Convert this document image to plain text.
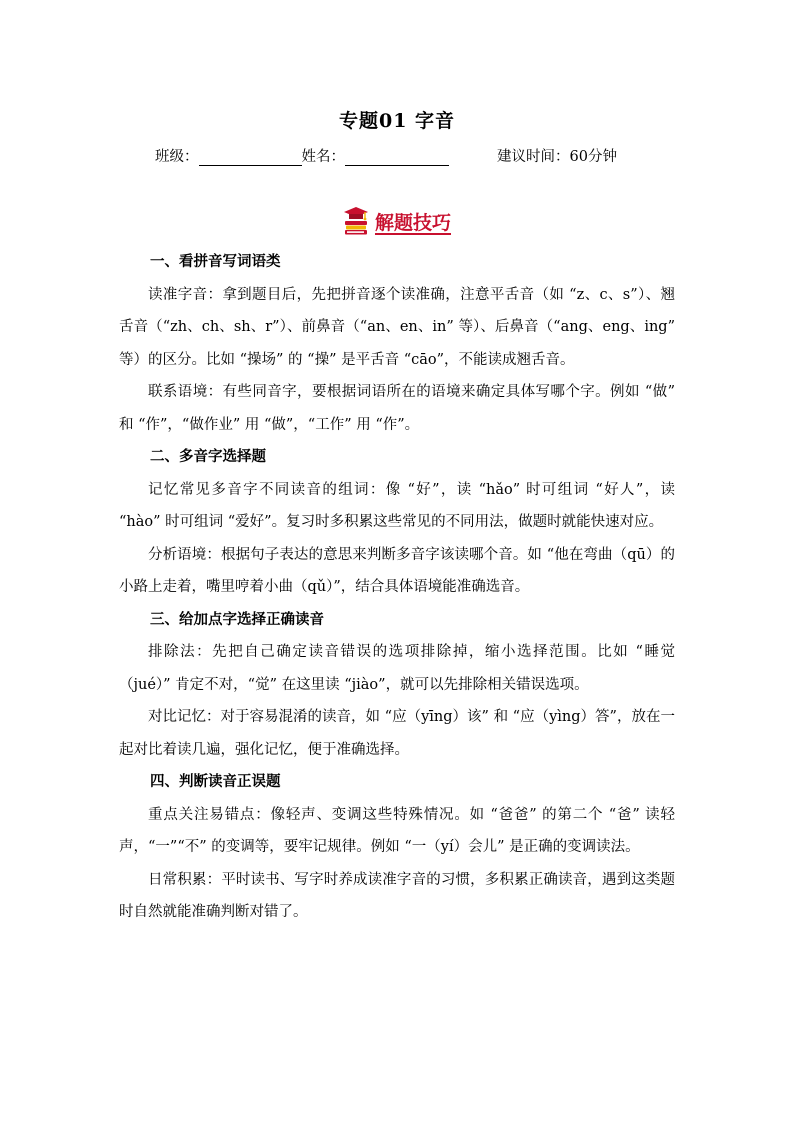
专题01 字音
班级：	姓名：	建议时间：60分钟
解题技巧
一、看拼音写词语类

读准字音：拿到题目后，先把拼音逐个读准确，注意平舌音（如 “z、c、s”）、翘舌音（“zh、ch、sh、r”）、前鼻音（“an、en、in” 等）、后鼻音（“ang、eng、ing” 等）的区分。比如 “操场” 的 “操” 是平舌音 “cāo”，不能读成翘舌音。

联系语境：有些同音字，要根据词语所在的语境来确定具体写哪个字。例如 “做” 和 “作”，“做作业” 用 “做”，“工作” 用 “作”。

二、多音字选择题

记忆常见多音字不同读音的组词：像 “好”，读 “hǎo” 时可组词 “好人”，读 “hào” 时可组词 “爱好”。复习时多积累这些常见的不同用法，做题时就能快速对应。

分析语境：根据句子表达的意思来判断多音字该读哪个音。如 “他在弯曲（qū）的小路上走着，嘴里哼着小曲（qǔ）”，结合具体语境能准确选音。

三、给加点字选择正确读音

排除法：先把自己确定读音错误的选项排除掉，缩小选择范围。比如 “睡觉（jué）” 肯定不对，“觉” 在这里读 “jiào”，就可以先排除相关错误选项。

对比记忆：对于容易混淆的读音，如 “应（yīng）该” 和 “应（yìng）答”，放在一起对比着读几遍，强化记忆，便于准确选择。

四、判断读音正误题

重点关注易错点：像轻声、变调这些特殊情况。如 “爸爸” 的第二个 “爸” 读轻声，“一”“不” 的变调等，要牢记规律。例如 “一（yí）会儿” 是正确的变调读法。

日常积累：平时读书、写字时养成读准字音的习惯，多积累正确读音，遇到这类题时自然就能准确判断对错了。
